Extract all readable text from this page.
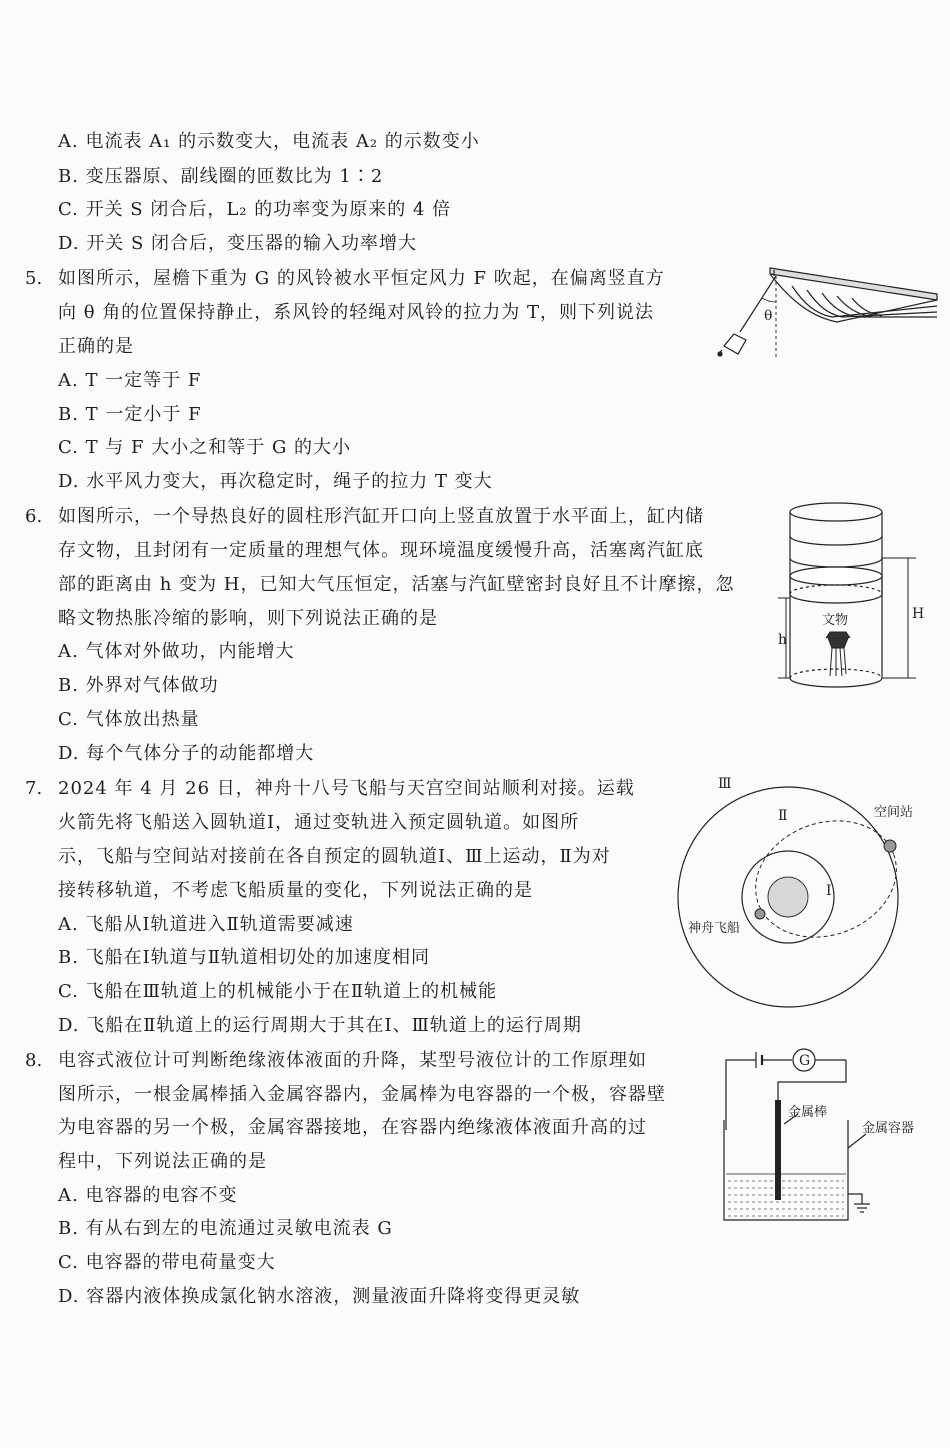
A. 电流表 A₁ 的示数变大，电流表 A₂ 的示数变小
B. 变压器原、副线圈的匝数比为 1∶2
C. 开关 S 闭合后，L₂ 的功率变为原来的 4 倍
D. 开关 S 闭合后，变压器的输入功率增大
5. 如图所示，屋檐下重为 G 的风铃被水平恒定风力 F 吹起，在偏离竖直方
向 θ 角的位置保持静止，系风铃的轻绳对风铃的拉力为 T，则下列说法
正确的是
A. T 一定等于 F
B. T 一定小于 F
C. T 与 F 大小之和等于 G 的大小
D. 水平风力变大，再次稳定时，绳子的拉力 T 变大
θ
6. 如图所示，一个导热良好的圆柱形汽缸开口向上竖直放置于水平面上，缸内储
存文物，且封闭有一定质量的理想气体。现环境温度缓慢升高，活塞离汽缸底
部的距离由 h 变为 H，已知大气压恒定，活塞与汽缸壁密封良好且不计摩擦，忽
略文物热胀冷缩的影响，则下列说法正确的是
A. 气体对外做功，内能增大
B. 外界对气体做功
C. 气体放出热量
D. 每个气体分子的动能都增大
h
H
文物
7. 2024 年 4 月 26 日，神舟十八号飞船与天宫空间站顺利对接。运载
火箭先将飞船送入圆轨道Ⅰ，通过变轨进入预定圆轨道。如图所
示，飞船与空间站对接前在各自预定的圆轨道Ⅰ、Ⅲ上运动，Ⅱ为对
接转移轨道，不考虑飞船质量的变化，下列说法正确的是
A. 飞船从Ⅰ轨道进入Ⅱ轨道需要减速
B. 飞船在Ⅰ轨道与Ⅱ轨道相切处的加速度相同
C. 飞船在Ⅲ轨道上的机械能小于在Ⅱ轨道上的机械能
D. 飞船在Ⅱ轨道上的运行周期大于其在Ⅰ、Ⅲ轨道上的运行周期
Ⅲ
Ⅱ
Ⅰ
空间站
神舟飞船
8. 电容式液位计可判断绝缘液体液面的升降，某型号液位计的工作原理如
图所示，一根金属棒插入金属容器内，金属棒为电容器的一个极，容器壁
为电容器的另一个极，金属容器接地，在容器内绝缘液体液面升高的过
程中，下列说法正确的是
A. 电容器的电容不变
B. 有从右到左的电流通过灵敏电流表 G
C. 电容器的带电荷量变大
D. 容器内液体换成氯化钠水溶液，测量液面升降将变得更灵敏
G
金属棒
金属容器
